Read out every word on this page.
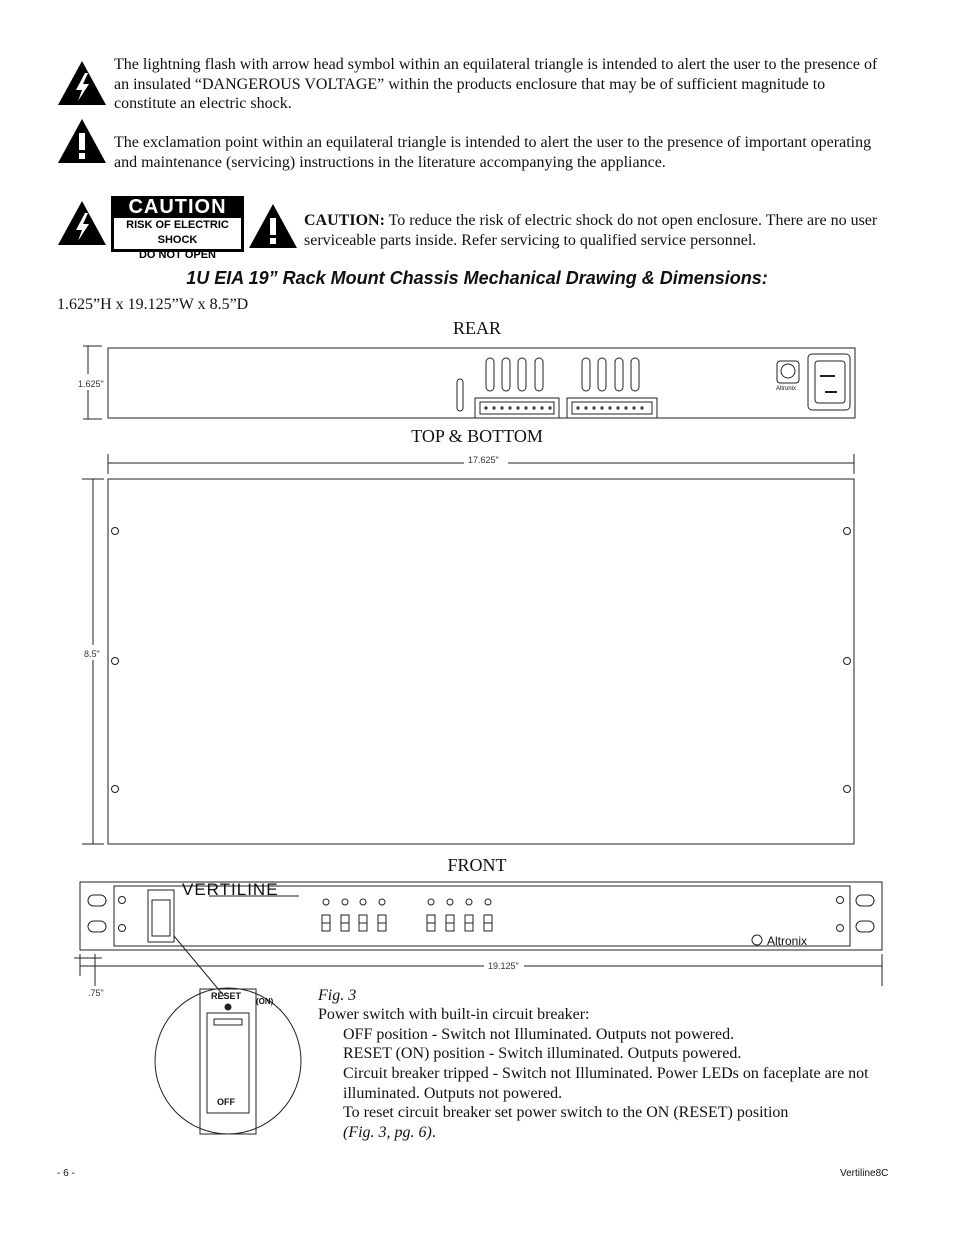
The lightning flash with arrow head symbol within an equilateral triangle is intended to alert the user to the presence of an insulated “DANGEROUS VOLTAGE” within the products enclosure that may be of sufficient magnitude to constitute an electric shock.
The exclamation point within an equilateral triangle is intended to alert the user to the presence of important operating and maintenance (servicing) instructions in the literature accompanying the appliance.
CAUTION
RISK OF ELECTRIC SHOCK
DO NOT OPEN
CAUTION: To reduce the risk of electric shock do not open enclosure. There are no user serviceable parts inside. Refer servicing to qualified service personnel.
1U EIA 19” Rack Mount Chassis Mechanical Drawing & Dimensions:
1.625”H x 19.125”W x 8.5”D
REAR
1.625"	Altronix
TOP & BOTTOM
17.625"
8.5"
FRONT
VERTILINE
Altronix
19.125"
.75"	RESET
(ON)
OFF
Fig. 3
Power switch with built-in circuit breaker:
OFF position - Switch not Illuminated. Outputs not powered.
RESET (ON) position - Switch illuminated. Outputs powered.
Circuit breaker tripped - Switch not Illuminated. Power LEDs on faceplate are not illuminated. Outputs not powered.
To reset circuit breaker set power switch to the ON (RESET) position
(Fig. 3, pg. 6).
- 6 -	Vertiline8C
